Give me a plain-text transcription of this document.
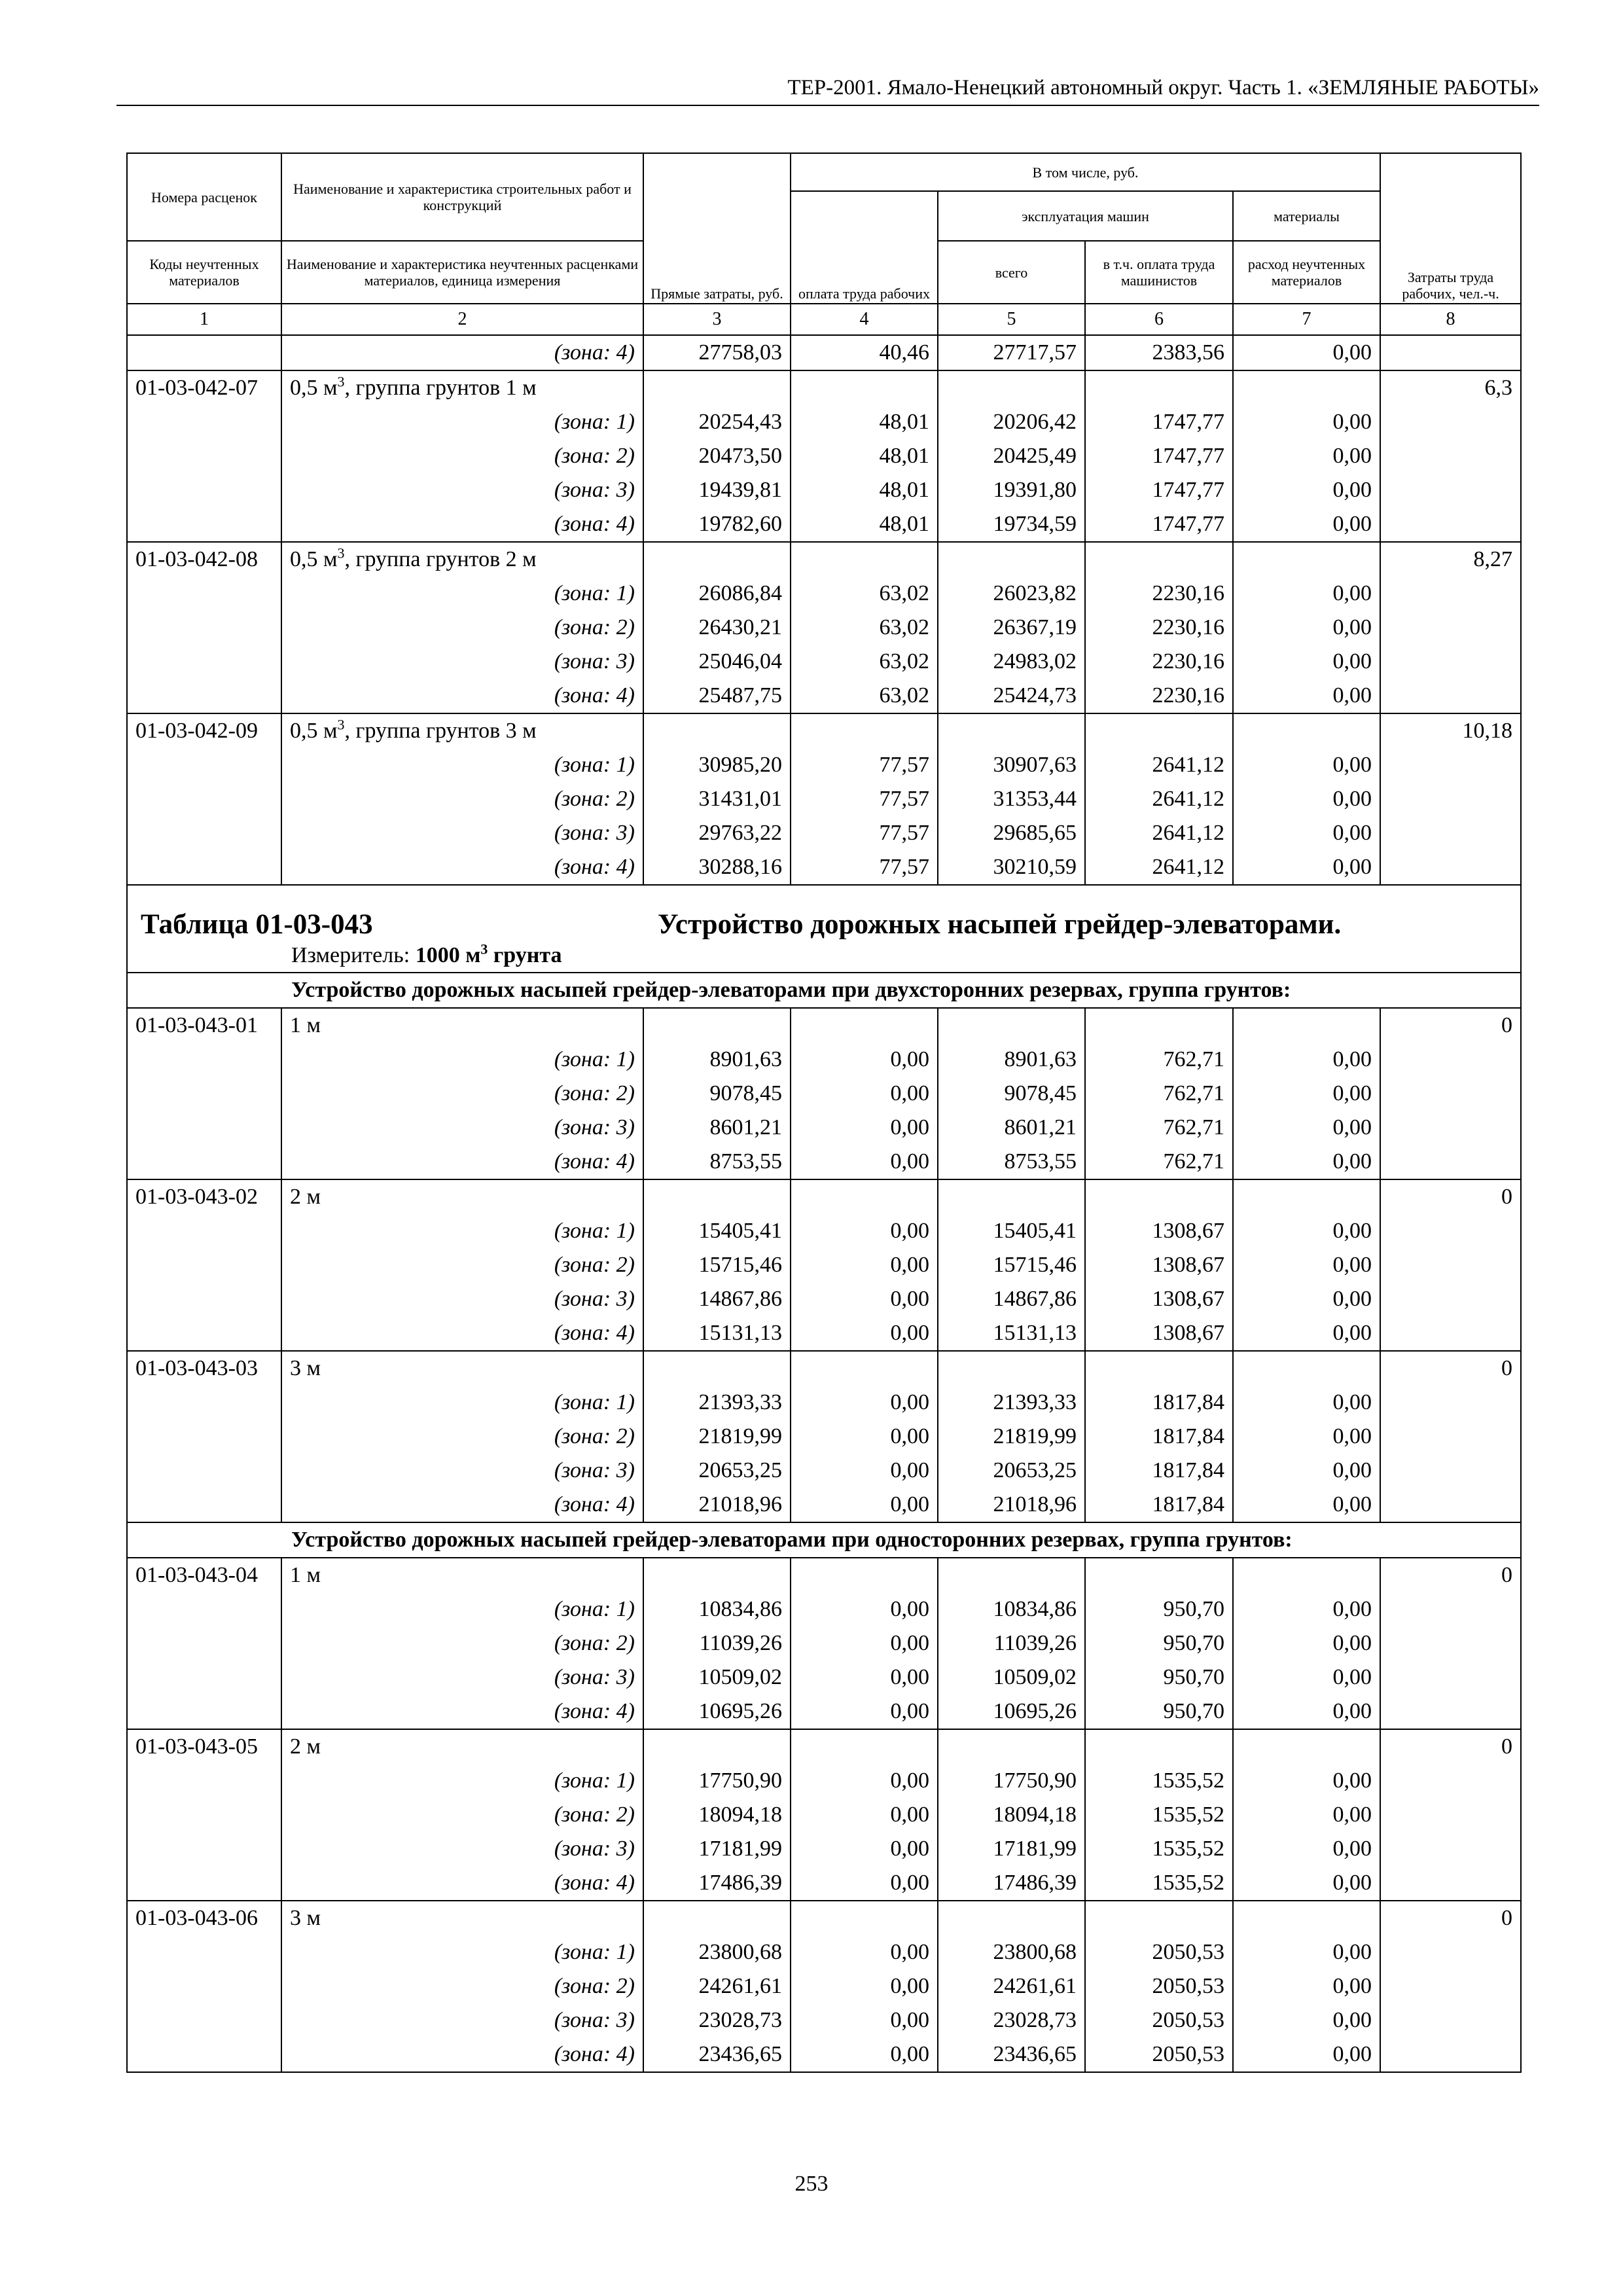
ТЕР-2001. Ямало-Ненецкий автономный округ. Часть 1. «ЗЕМЛЯНЫЕ РАБОТЫ»
Номера расценок	Наименование и характеристика строительных работ и конструкций	Прямые затраты, руб.	В том числе, руб.				Затраты труда рабочих, чел.-ч.
			оплата труда рабочих	эксплуатация машин		материалы	
Коды неучтенных материалов	Наименование и характеристика неучтенных расценками материалов, единица измерения			всего	в т.ч. оплата труда машинистов	расход неучтенных материалов	
1	2	3	4	5	6	7	8
	(зона: 4)	27758,03	40,46	27717,57	2383,56	0,00	
01-03-042-07	0,5 $м^3$, группа грунтов 1 м						6,3
	(зона: 1)	20254,43	48,01	20206,42	1747,77	0,00	
	(зона: 2)	20473,50	48,01	20425,49	1747,77	0,00	
	(зона: 3)	19439,81	48,01	19391,80	1747,77	0,00	
	(зона: 4)	19782,60	48,01	19734,59	1747,77	0,00	
01-03-042-08	0,5 $м^3$, группа грунтов 2 м						8,27
	(зона: 1)	26086,84	63,02	26023,82	2230,16	0,00	
	(зона: 2)	26430,21	63,02	26367,19	2230,16	0,00	
	(зона: 3)	25046,04	63,02	24983,02	2230,16	0,00	
	(зона: 4)	25487,75	63,02	25424,73	2230,16	0,00	
01-03-042-09	0,5 $м^3$, группа грунтов 3 м						10,18
	(зона: 1)	30985,20	77,57	30907,63	2641,12	0,00	
	(зона: 2)	31431,01	77,57	31353,44	2641,12	0,00	
	(зона: 3)	29763,22	77,57	29685,65	2641,12	0,00	
	(зона: 4)	30288,16	77,57	30210,59	2641,12	0,00	

Таблица 01-03-043 Устройство дорожных насыпей грейдер-элеваторами.							

Измеритель: 1000 $м^3$ грунта							
Устройство дорожных насыпей грейдер-элеваторами при двухсторонних резервах, группа грунтов:							
01-03-043-01	1 м						0
	(зона: 1)	8901,63	0,00	8901,63	762,71	0,00	
	(зона: 2)	9078,45	0,00	9078,45	762,71	0,00	
	(зона: 3)	8601,21	0,00	8601,21	762,71	0,00	
	(зона: 4)	8753,55	0,00	8753,55	762,71	0,00	
01-03-043-02	2 м						0
	(зона: 1)	15405,41	0,00	15405,41	1308,67	0,00	
	(зона: 2)	15715,46	0,00	15715,46	1308,67	0,00	
	(зона: 3)	14867,86	0,00	14867,86	1308,67	0,00	
	(зона: 4)	15131,13	0,00	15131,13	1308,67	0,00	
01-03-043-03	3 м						0
	(зона: 1)	21393,33	0,00	21393,33	1817,84	0,00	
	(зона: 2)	21819,99	0,00	21819,99	1817,84	0,00	
	(зона: 3)	20653,25	0,00	20653,25	1817,84	0,00	
	(зона: 4)	21018,96	0,00	21018,96	1817,84	0,00	
Устройство дорожных насыпей грейдер-элеваторами при односторонних резервах, группа грунтов:							
01-03-043-04	1 м						0
	(зона: 1)	10834,86	0,00	10834,86	950,70	0,00	
	(зона: 2)	11039,26	0,00	11039,26	950,70	0,00	
	(зона: 3)	10509,02	0,00	10509,02	950,70	0,00	
	(зона: 4)	10695,26	0,00	10695,26	950,70	0,00	
01-03-043-05	2 м						0
	(зона: 1)	17750,90	0,00	17750,90	1535,52	0,00	
	(зона: 2)	18094,18	0,00	18094,18	1535,52	0,00	
	(зона: 3)	17181,99	0,00	17181,99	1535,52	0,00	
	(зона: 4)	17486,39	0,00	17486,39	1535,52	0,00	
01-03-043-06	3 м						0
	(зона: 1)	23800,68	0,00	23800,68	2050,53	0,00	
	(зона: 2)	24261,61	0,00	24261,61	2050,53	0,00	
	(зона: 3)	23028,73	0,00	23028,73	2050,53	0,00	
	(зона: 4)	23436,65	0,00	23436,65	2050,53	0,00	
253
